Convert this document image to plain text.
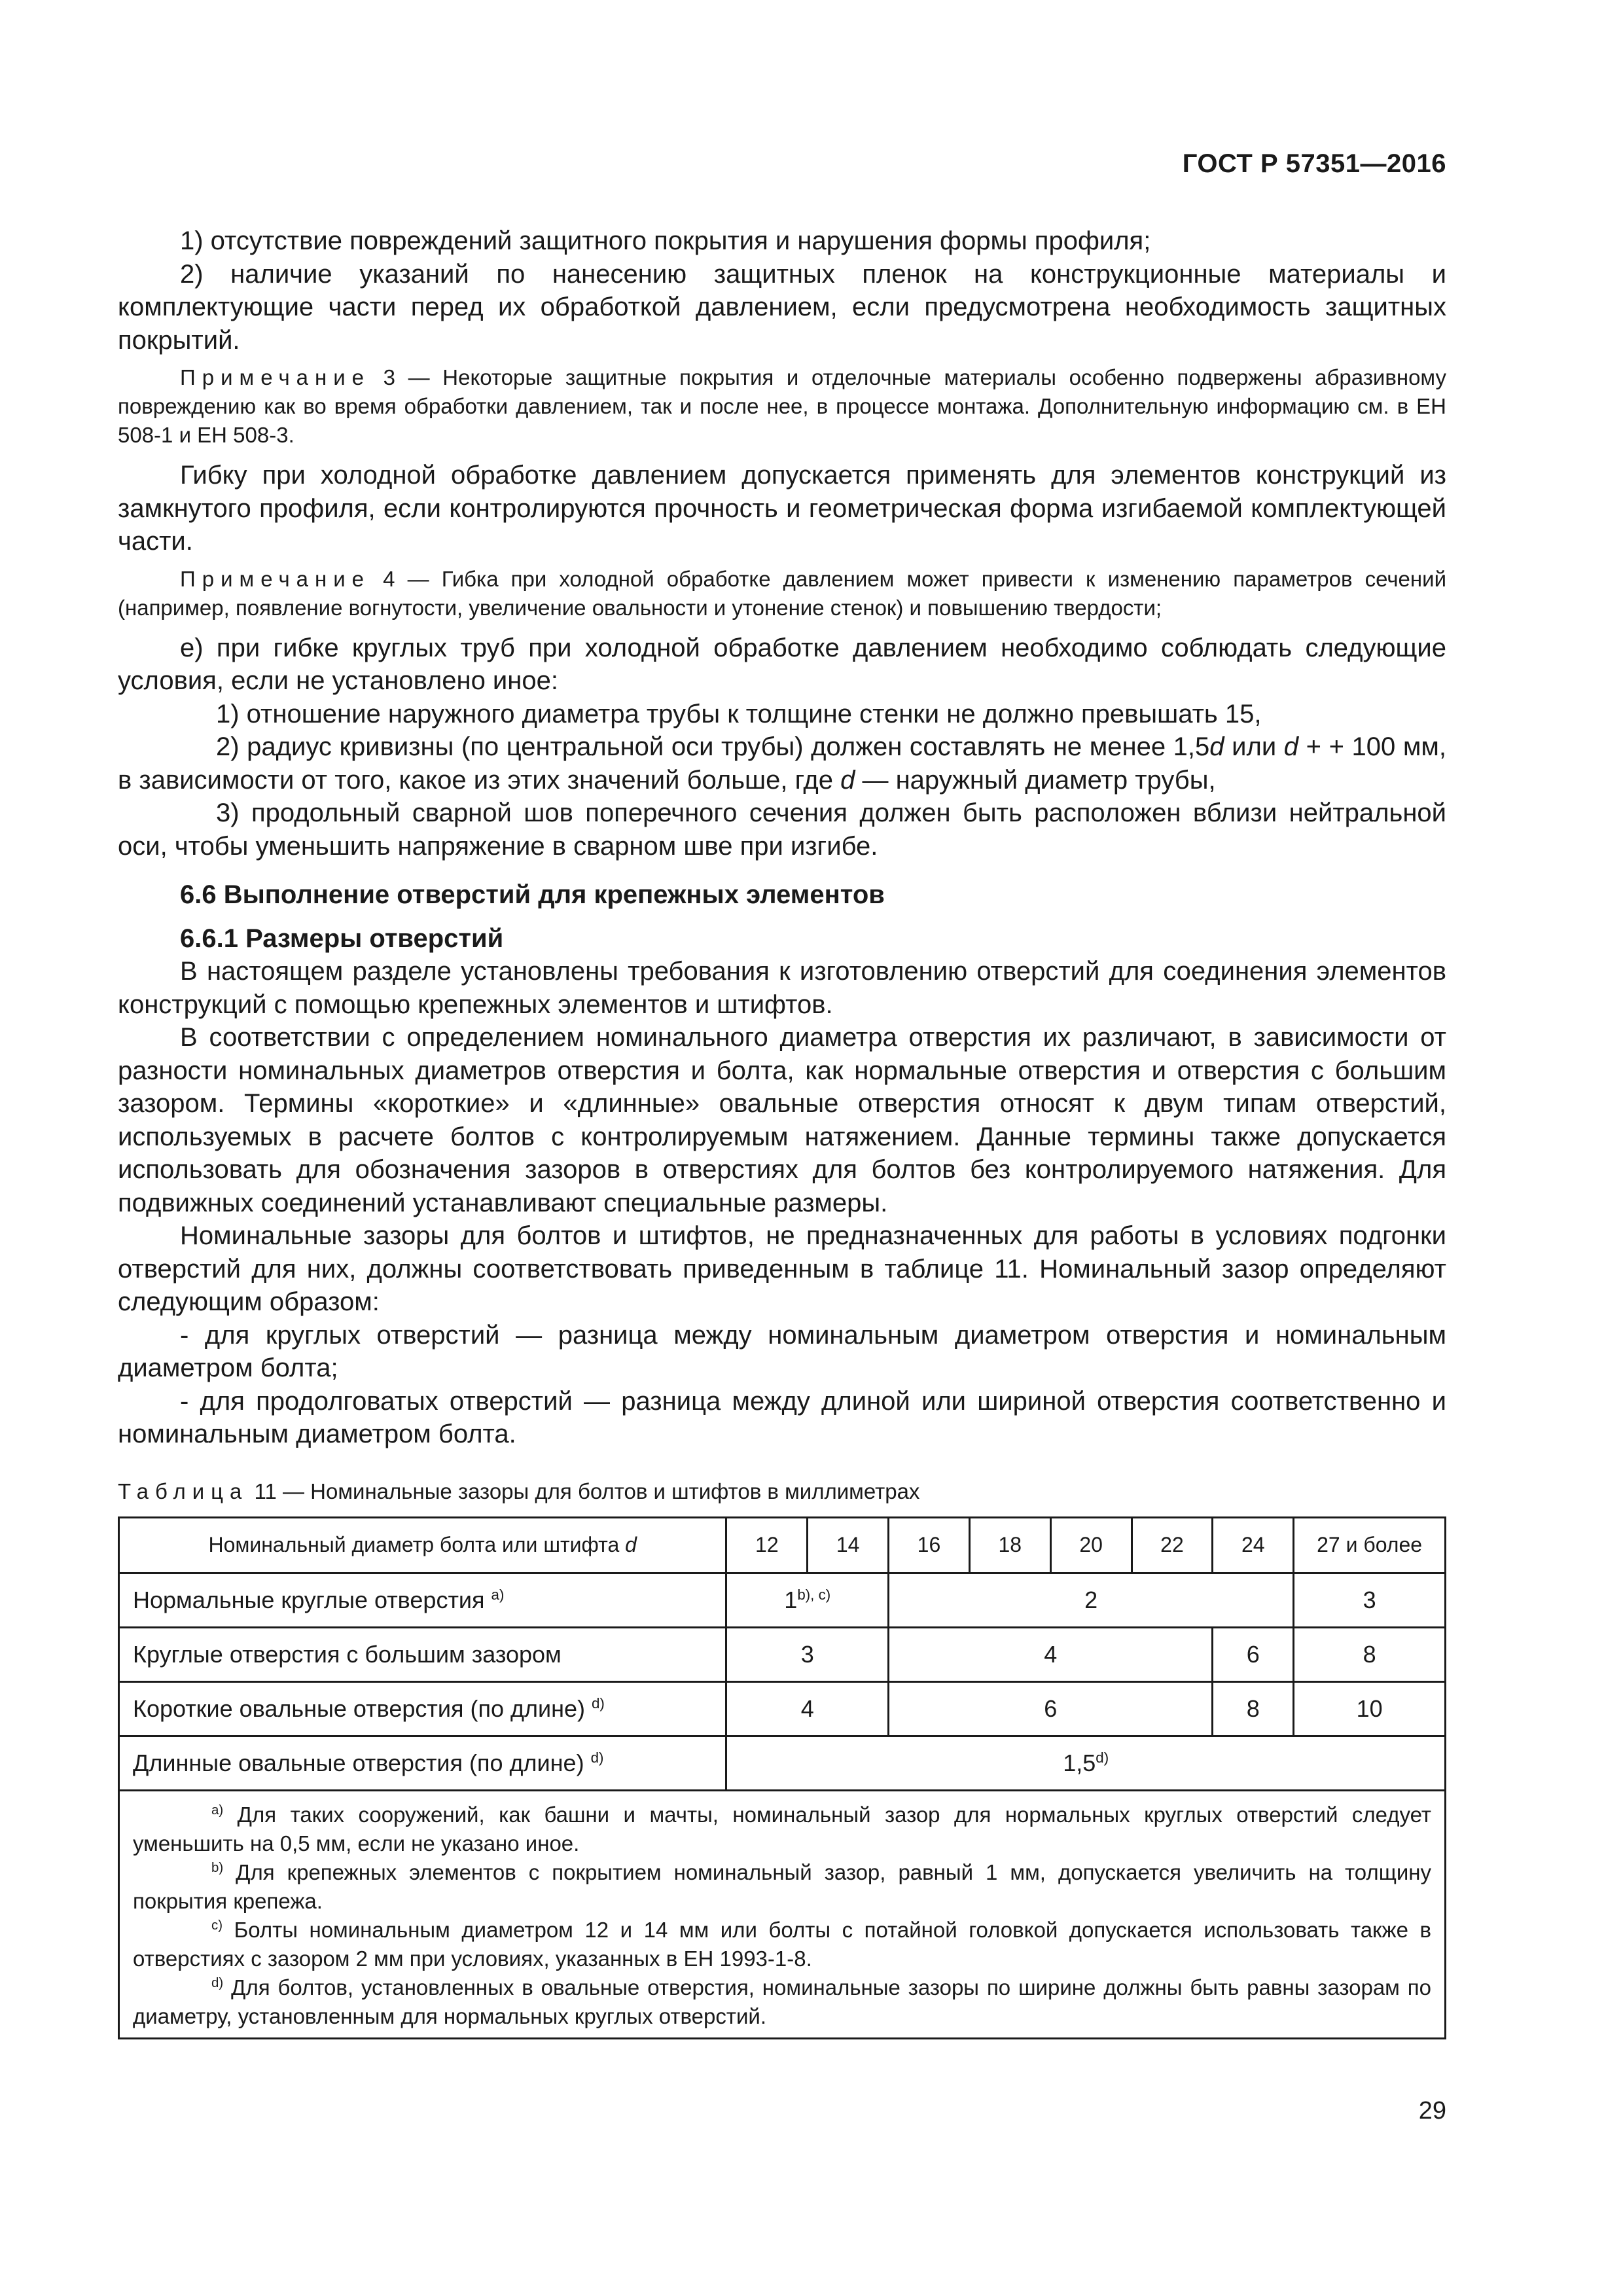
ГОСТ Р 57351—2016

1) отсутствие повреждений защитного покрытия и нарушения формы профиля;

2) наличие указаний по нанесению защитных пленок на конструкционные материалы и комплектующие части перед их обработкой давлением, если предусмотрена необходимость защитных покрытий.

Примечание 3 — Некоторые защитные покрытия и отделочные материалы особенно подвержены абразивному повреждению как во время обработки давлением, так и после нее, в процессе монтажа. Дополнительную информацию см. в ЕН 508-1 и ЕН 508-3.

Гибку при холодной обработке давлением допускается применять для элементов конструкций из замкнутого профиля, если контролируются прочность и геометрическая форма изгибаемой комплектующей части.

Примечание 4 — Гибка при холодной обработке давлением может привести к изменению параметров сечений (например, появление вогнутости, увеличение овальности и утонение стенок) и повышению твердости;

е) при гибке круглых труб при холодной обработке давлением необходимо соблюдать следующие условия, если не установлено иное:

1) отношение наружного диаметра трубы к толщине стенки не должно превышать 15,

2) радиус кривизны (по центральной оси трубы) должен составлять не менее 1,5d или d + + 100 мм, в зависимости от того, какое из этих значений больше, где d — наружный диаметр трубы,

3) продольный сварной шов поперечного сечения должен быть расположен вблизи нейтральной оси, чтобы уменьшить напряжение в сварном шве при изгибе.

6.6 Выполнение отверстий для крепежных элементов

6.6.1 Размеры отверстий

В настоящем разделе установлены требования к изготовлению отверстий для соединения элементов конструкций с помощью крепежных элементов и штифтов.

В соответствии с определением номинального диаметра отверстия их различают, в зависимости от разности номинальных диаметров отверстия и болта, как нормальные отверстия и отверстия с большим зазором. Термины «короткие» и «длинные» овальные отверстия относят к двум типам отверстий, используемых в расчете болтов с контролируемым натяжением. Данные термины также допускается использовать для обозначения зазоров в отверстиях для болтов без контролируемого натяжения. Для подвижных соединений устанавливают специальные размеры.

Номинальные зазоры для болтов и штифтов, не предназначенных для работы в условиях подгонки отверстий для них, должны соответствовать приведенным в таблице 11. Номинальный зазор определяют следующим образом:

- для круглых отверстий — разница между номинальным диаметром отверстия и номинальным диаметром болта;

- для продолговатых отверстий — разница между длиной или шириной отверстия соответственно и номинальным диаметром болта.

Таблица 11 — Номинальные зазоры для болтов и штифтов в миллиметрах

Номинальный диаметр болта или штифта d	12	14	16	18	20	22	24	27 и более
Нормальные круглые отверстия $^{a)}$	$1^{b), c)}$		2					3
Круглые отверстия с большим зазором	3		4				6	8
Короткие овальные отверстия (по длине) $^{d)}$	4		6				8	10
Длинные овальные отверстия (по длине) $^{d)}$	1,5$^{d)}$

$^{a)}$ Для таких сооружений, как башни и мачты, номинальный зазор для нормальных круглых отверстий следует уменьшить на 0,5 мм, если не указано иное.

$^{b)}$ Для крепежных элементов с покрытием номинальный зазор, равный 1 мм, допускается увеличить на толщину покрытия крепежа.

$^{c)}$ Болты номинальным диаметром 12 и 14 мм или болты с потайной головкой допускается использовать также в отверстиях с зазором 2 мм при условиях, указанных в ЕН 1993-1-8.

$^{d)}$ Для болтов, установленных в овальные отверстия, номинальные зазоры по ширине должны быть равны зазорам по диаметру, установленным для нормальных круглых отверстий.								

29
